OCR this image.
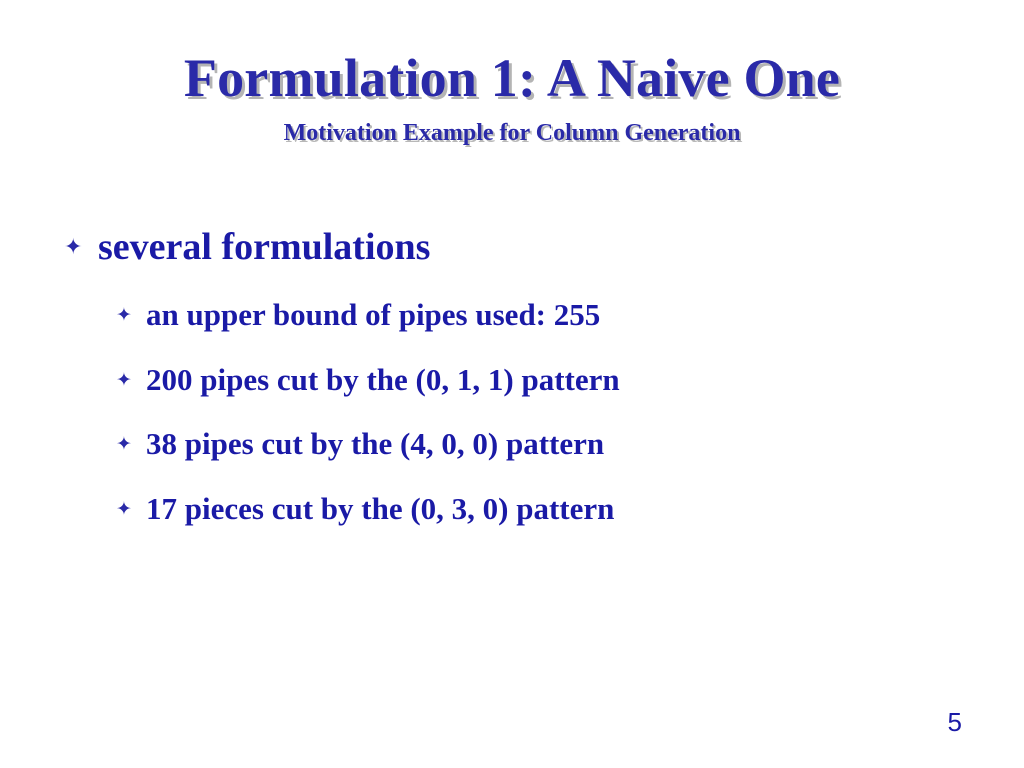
Formulation 1: A Naive One
Motivation Example for Column Generation
✦ several formulations
✦ an upper bound of pipes used: 255
✦ 200 pipes cut by the (0, 1, 1) pattern
✦ 38 pipes cut by the (4, 0, 0) pattern
✦ 17 pieces cut by the (0, 3, 0) pattern
5
